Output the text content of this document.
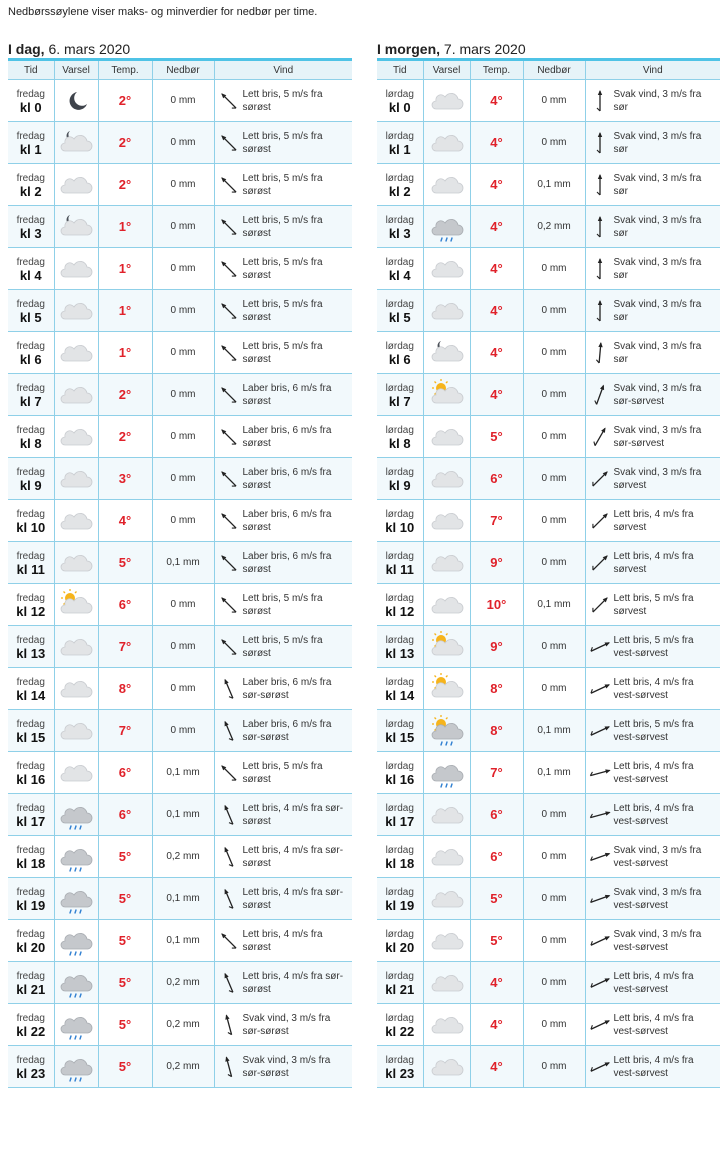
Nedbørssøylene viser maks- og minverdier for nedbør per time.
I dag, 6. mars 2020
Tid	Varsel	Temp.	Nedbør	Vind

fredag
kl 0		2°	0 mm	Lett bris, 5 m/s fra sørøst

fredag
kl 1		2°	0 mm	Lett bris, 5 m/s fra sørøst

fredag
kl 2		2°	0 mm	Lett bris, 5 m/s fra sørøst

fredag
kl 3		1°	0 mm	Lett bris, 5 m/s fra sørøst

fredag
kl 4		1°	0 mm	Lett bris, 5 m/s fra sørøst

fredag
kl 5		1°	0 mm	Lett bris, 5 m/s fra sørøst

fredag
kl 6		1°	0 mm	Lett bris, 5 m/s fra sørøst

fredag
kl 7		2°	0 mm	Laber bris, 6 m/s fra sørøst

fredag
kl 8		2°	0 mm	Laber bris, 6 m/s fra sørøst

fredag
kl 9		3°	0 mm	Laber bris, 6 m/s fra sørøst

fredag
kl 10		4°	0 mm	Laber bris, 6 m/s fra sørøst

fredag
kl 11		5°	0,1 mm	Laber bris, 6 m/s fra sørøst

fredag
kl 12		6°	0 mm	Lett bris, 5 m/s fra sørøst

fredag
kl 13		7°	0 mm	Lett bris, 5 m/s fra sørøst

fredag
kl 14		8°	0 mm	Laber bris, 6 m/s fra sør-sørøst

fredag
kl 15		7°	0 mm	Laber bris, 6 m/s fra sør-sørøst

fredag
kl 16		6°	0,1 mm	Lett bris, 5 m/s fra sørøst

fredag
kl 17		6°	0,1 mm	Lett bris, 4 m/s fra sør-sørøst

fredag
kl 18		5°	0,2 mm	Lett bris, 4 m/s fra sør-sørøst

fredag
kl 19		5°	0,1 mm	Lett bris, 4 m/s fra sør-sørøst

fredag
kl 20		5°	0,1 mm	Lett bris, 4 m/s fra sørøst

fredag
kl 21		5°	0,2 mm	Lett bris, 4 m/s fra sør-sørøst

fredag
kl 22		5°	0,2 mm	Svak vind, 3 m/s fra sør-sørøst

fredag
kl 23		5°	0,2 mm	Svak vind, 3 m/s fra sør-sørøst
I morgen, 7. mars 2020
Tid	Varsel	Temp.	Nedbør	Vind

lørdag
kl 0		4°	0 mm	Svak vind, 3 m/s fra sør

lørdag
kl 1		4°	0 mm	Svak vind, 3 m/s fra sør

lørdag
kl 2		4°	0,1 mm	Svak vind, 3 m/s fra sør

lørdag
kl 3		4°	0,2 mm	Svak vind, 3 m/s fra sør

lørdag
kl 4		4°	0 mm	Svak vind, 3 m/s fra sør

lørdag
kl 5		4°	0 mm	Svak vind, 3 m/s fra sør

lørdag
kl 6		4°	0 mm	Svak vind, 3 m/s fra sør

lørdag
kl 7		4°	0 mm	Svak vind, 3 m/s fra sør-sørvest

lørdag
kl 8		5°	0 mm	Svak vind, 3 m/s fra sør-sørvest

lørdag
kl 9		6°	0 mm	Svak vind, 3 m/s fra sørvest

lørdag
kl 10		7°	0 mm	Lett bris, 4 m/s fra sørvest

lørdag
kl 11		9°	0 mm	Lett bris, 4 m/s fra sørvest

lørdag
kl 12		10°	0,1 mm	Lett bris, 5 m/s fra sørvest

lørdag
kl 13		9°	0 mm	Lett bris, 5 m/s fra vest-sørvest

lørdag
kl 14		8°	0 mm	Lett bris, 4 m/s fra vest-sørvest

lørdag
kl 15		8°	0,1 mm	Lett bris, 5 m/s fra vest-sørvest

lørdag
kl 16		7°	0,1 mm	Lett bris, 4 m/s fra vest-sørvest

lørdag
kl 17		6°	0 mm	Lett bris, 4 m/s fra vest-sørvest

lørdag
kl 18		6°	0 mm	Svak vind, 3 m/s fra vest-sørvest

lørdag
kl 19		5°	0 mm	Svak vind, 3 m/s fra vest-sørvest

lørdag
kl 20		5°	0 mm	Svak vind, 3 m/s fra vest-sørvest

lørdag
kl 21		4°	0 mm	Lett bris, 4 m/s fra vest-sørvest

lørdag
kl 22		4°	0 mm	Lett bris, 4 m/s fra vest-sørvest

lørdag
kl 23		4°	0 mm	Lett bris, 4 m/s fra vest-sørvest
